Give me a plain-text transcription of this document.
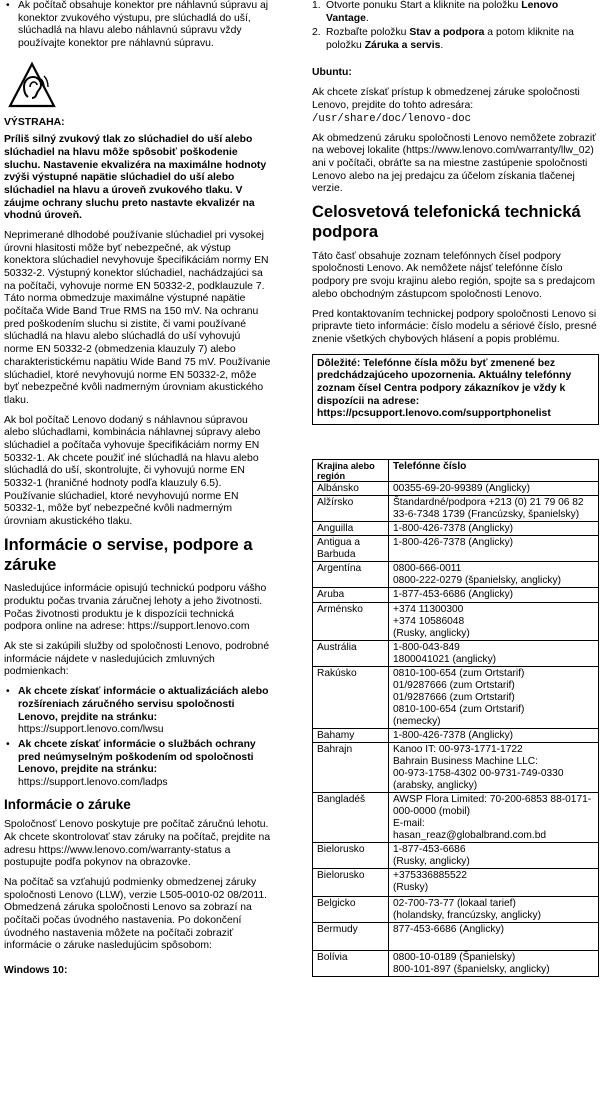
• Ak počítač obsahuje konektor pre náhlavnú súpravu aj konektor zvukového výstupu, pre slúchadlá do uší, slúchadlá na hlavu alebo náhlavnú súpravu vždy používajte konektor pre náhlavnú súpravu.

VÝSTRAHA:

Príliš silný zvukový tlak zo slúchadiel do uší alebo slúchadiel na hlavu môže spôsobiť poškodenie sluchu. Nastavenie ekvalizéra na maximálne hodnoty zvýši výstupné napätie slúchadiel do uší alebo slúchadiel na hlavu a úroveň zvukového tlaku. V záujme ochrany sluchu preto nastavte ekvalizér na vhodnú úroveň.

Neprimerané dlhodobé používanie slúchadiel pri vysokej úrovni hlasitosti môže byť nebezpečné, ak výstup konektora slúchadiel nevyhovuje špecifikáciám normy EN 50332-2. Výstupný konektor slúchadiel, nachádzajúci sa na počítači, vyhovuje norme EN 50332-2, podklauzule 7. Táto norma obmedzuje maximálne výstupné napätie počítača Wide Band True RMS na 150 mV. Na ochranu pred poškodením sluchu si zistite, či vami používané slúchadlá na hlavu alebo slúchadlá do uší vyhovujú norme EN 50332-2 (obmedzenia klauzuly 7) alebo charakteristickému napätiu Wide Band 75 mV. Používanie slúchadiel, ktoré nevyhovujú norme EN 50332-2, môže byť nebezpečné kvôli nadmerným úrovniam akustického tlaku.

Ak bol počítač Lenovo dodaný s náhlavnou súpravou alebo slúchadlami, kombinácia náhlavnej súpravy alebo slúchadiel a počítača vyhovuje špecifikáciám normy EN 50332-1. Ak chcete použiť iné slúchadlá na hlavu alebo slúchadlá do uší, skontrolujte, či vyhovujú norme EN 50332-1 (hraničné hodnoty podľa klauzuly 6.5). Používanie slúchadiel, ktoré nevyhovujú norme EN 50332-1, môže byť nebezpečné kvôli nadmerným úrovniam akustického tlaku.

Informácie o servise, podpore a záruke

Nasledujúce informácie opisujú technickú podporu vášho produktu počas trvania záručnej lehoty a jeho životnosti. Počas životnosti produktu je k dispozícii technická podpora online na adrese: https://support.lenovo.com

Ak ste si zakúpili služby od spoločnosti Lenovo, podrobné informácie nájdete v nasledujúcich zmluvných podmienkach:

• Ak chcete získať informácie o aktualizáciách alebo rozšíreniach záručného servisu spoločnosti Lenovo, prejdite na stránku:
https://support.lenovo.com/lwsu
• Ak chcete získať informácie o službách ochrany pred neúmyselným poškodením od spoločnosti Lenovo, prejdite na stránku:
https://support.lenovo.com/ladps
Informácie o záruke

Spoločnosť Lenovo poskytuje pre počítač záručnú lehotu. Ak chcete skontrolovať stav záruky na počítač, prejdite na adresu https://www.lenovo.com/warranty-status a postupujte podľa pokynov na obrazovke.

Na počítač sa vzťahujú podmienky obmedzenej záruky spoločnosti Lenovo (LLW), verzie L505-0010-02 08/2011. Obmedzená záruka spoločnosti Lenovo sa zobrazí na počítači počas úvodného nastavenia. Po dokončení úvodného nastavenia môžete na počítači zobraziť informácie o záruke nasledujúcim spôsobom:

Windows 10:

1. Otvorte ponuku Štart a kliknite na položku Lenovo Vantage.
2. Rozbaľte položku Stav a podpora a potom kliknite na položku Záruka a servis.

Ubuntu:

Ak chcete získať prístup k obmedzenej záruke spoločnosti Lenovo, prejdite do tohto adresára:

/usr/share/doc/lenovo-doc

Ak obmedzenú záruku spoločnosti Lenovo nemôžete zobraziť na webovej lokalite (https://www.lenovo.com/warranty/llw_02) ani v počítači, obráťte sa na miestne zastúpenie spoločnosti Lenovo alebo na jej predajcu za účelom získania tlačenej verzie.

Celosvetová telefonická technická podpora

Táto časť obsahuje zoznam telefónnych čísel podpory spoločnosti Lenovo. Ak nemôžete nájsť telefónne číslo podpory pre svoju krajinu alebo región, spojte sa s predajcom alebo obchodným zástupcom spoločnosti Lenovo.

Pred kontaktovaním technickej podpory spoločnosti Lenovo si pripravte tieto informácie: číslo modelu a sériové číslo, presné znenie všetkých chybových hlásení a popis problému.

Dôležité: Telefónne čísla môžu byť zmenené bez predchádzajúceho upozornenia. Aktuálny telefónny zoznam čísel Centra podpory zákazníkov je vždy k dispozícii na adrese: https://pcsupport.lenovo.com/supportphonelist
Krajina alebo región	Telefónne číslo
Albánsko	00355-69-20-99389 (Anglicky)
Alžírsko	Štandardné/podpora +213 (0) 21 79 06 82
33-6-7348 1739 (Francúzsky, španielsky)
Anguilla	1-800-426-7378 (Anglicky)
Antigua a Barbuda	1-800-426-7378 (Anglicky)
Argentína	0800-666-0011
0800-222-0279 (španielsky, anglicky)
Aruba	1-877-453-6686 (Anglicky)
Arménsko	+374 11300300
+374 10586048
(Rusky, anglicky)
Austrália	1-800-043-849
1800041021 (anglicky)
Rakúsko	0810-100-654 (zum Ortstarif)
01/9287666 (zum Ortstarif)
01/9287666 (zum Ortstarif)
0810-100-654 (zum Ortstarif)
(nemecky)
Bahamy	1-800-426-7378 (Anglicky)
Bahrajn	Kanoo IT: 00-973-1771-1722
Bahrain Business Machine LLC:
00-973-1758-4302 00-9731-749-0330 (arabsky, anglicky)
Bangladéš	AWSP Flora Limited: 70-200-6853 88-0171-000-0000 (mobil)
E-mail:
hasan_reaz@globalbrand.com.bd
Bielorusko	1-877-453-6686
(Rusky, anglicky)
Bielorusko	+375336885522
(Rusky)
Belgicko	02-700-73-77 (lokaal tarief)
(holandsky, francúzsky, anglicky)
Bermudy	877-453-6686 (Anglicky)
Bolívia	0800-10-0189 (Španielsky)
800-101-897 (španielsky, anglicky)
